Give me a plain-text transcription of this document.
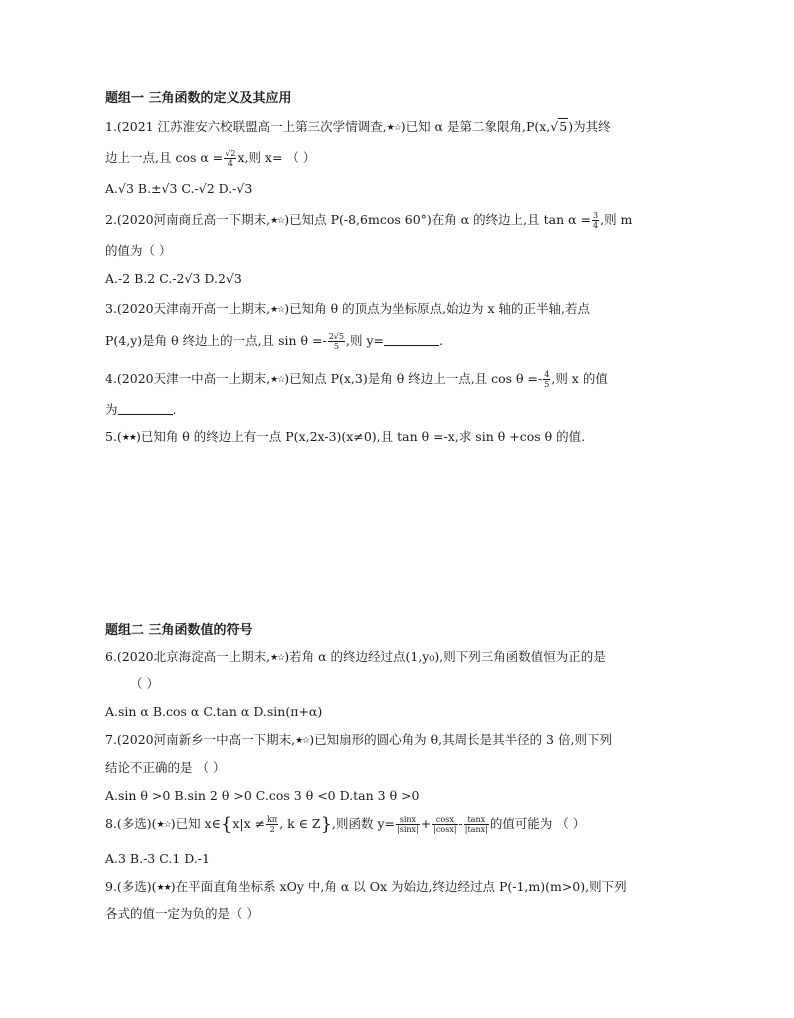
题组一 三角函数的定义及其应用
1.(2021 江苏淮安六校联盟高一上第三次学情调查,★☆)已知 α 是第二象限角,P(x,√5)为其终
边上一点,且 $\cos \alpha = \frac{√2}{4} x$,则 x= （ ）
A.√3 B.±√3 C.-√2 D.-√3
2.(2020河南商丘高一下期末,★☆)已知点 P(-8,6mcos 60°)在角 α 的终边上,且 $\tan \alpha = \frac{3}{4}$ ,则 m
的值为（ ）
A.-2 B.2 C.-2√3 D.2√3
3.(2020天津南开高一上期末,★☆)已知角 θ 的顶点为坐标原点,始边为 x 轴的正半轴,若点
P(4,y)是角 θ 终边上的一点,且 $\sin \theta =- \frac{2√5}{5}$ ,则 y=	.
4.(2020天津一中高一上期末,★☆)已知点 P(x,3)是角 θ 终边上一点,且 $\cos \theta =- \frac{4}{5}$ ,则 x 的值
为	.
5.(★★)已知角 θ 的终边上有一点 P(x,2x-3)(x≠0),且 tan θ =-x,求 sin θ +cos θ 的值.
题组二 三角函数值的符号
6.(2020北京海淀高一上期末,★☆)若角 α 的终边经过点(1,y₀),则下列三角函数值恒为正的是
（ ）
A.sin α B.cos α C.tan α D.sin(π+α)
7.(2020河南新乡一中高一下期末,★☆)已知扇形的圆心角为 θ,其周长是其半径的 3 倍,则下列
结论不正确的是 （ ）
A.sin θ >0 B.sin 2 θ >0 C.cos 3 θ <0 D.tan 3 θ >0
8.(多选)(★☆)已知 x∈{x|x ≠ $\frac{k\pi}{2}$ , k ∈ Z},则函数 $y= \frac{\sin x}{|\sin x|} + \frac{\cos x}{|\cos x|} - \frac{\tan x}{|\tan x|}$ 的值可能为 （ ）
A.3 B.-3 C.1 D.-1
9.(多选)(★★)在平面直角坐标系 xOy 中,角 α 以 Ox 为始边,终边经过点 P(-1,m)(m>0),则下列
各式的值一定为负的是（ ）
